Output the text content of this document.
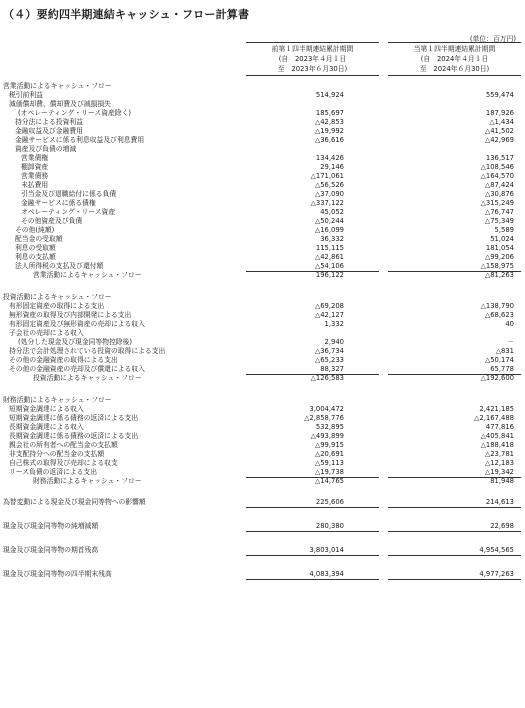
（４）要約四半期連結キャッシュ・フロー計算書
(単位：百万円)
前第１四半期連結累計期間
(自　2023年４月１日
至　2023年６月30日)
当第１四半期連結累計期間
(自　2024年４月１日
至　2024年６月30日)
営業活動によるキャッシュ・フロー
税引前利益	514,924	559,474
減価償却費、償却費及び減損損失
(オペレーティング・リース資産除く)	185,697	187,926
持分法による投資利益	△42,853	△1,434
金融収益及び金融費用	△19,992	△41,502
金融サービスに係る利息収益及び利息費用	△36,616	△42,969
資産及び負債の増減
営業債権	134,426	136,517
棚卸資産	29,146	△108,546
営業債務	△171,061	△164,570
未払費用	△56,526	△87,424
引当金及び退職給付に係る負債	△37,090	△30,876
金融サービスに係る債権	△337,122	△315,249
オペレーティング・リース資産	45,052	△76,747
その他資産及び負債	△50,244	△75,349
その他(純額)	△16,099	5,589
配当金の受取額	36,332	51,024
利息の受取額	115,115	181,054
利息の支払額	△42,861	△99,206
法人所得税の支払及び還付額	△54,106	△158,975
営業活動によるキャッシュ・フロー	196,122	△81,263
投資活動によるキャッシュ・フロー
有形固定資産の取得による支出	△69,208	△138,790
無形資産の取得及び内部開発による支出	△42,127	△68,623
有形固定資産及び無形資産の売却による収入	1,332	40
子会社の売却による収入
(処分した現金及び現金同等物控除後)	2,940	－
持分法で会計処理されている投資の取得による支出	△36,734	△831
その他の金融資産の取得による支出	△65,233	△50,174
その他の金融資産の売却及び償還による収入	88,327	65,778
投資活動によるキャッシュ・フロー	△126,583	△192,600
財務活動によるキャッシュ・フロー
短期資金調達による収入	3,004,472	2,421,185
短期資金調達に係る債務の返済による支出	△2,858,776	△2,167,488
長期資金調達による収入	532,895	477,816
長期資金調達に係る債務の返済による支出	△493,899	△405,841
親会社の所有者への配当金の支払額	△99,915	△188,418
非支配持分への配当金の支払額	△20,691	△23,781
自己株式の取得及び売却による収支	△59,113	△12,183
リース負債の返済による支出	△19,738	△19,342
財務活動によるキャッシュ・フロー	△14,765	81,948
為替変動による現金及び現金同等物への影響額	225,606	214,613
現金及び現金同等物の純増減額	280,380	22,698
現金及び現金同等物の期首残高	3,803,014	4,954,565
現金及び現金同等物の四半期末残高	4,083,394	4,977,263
